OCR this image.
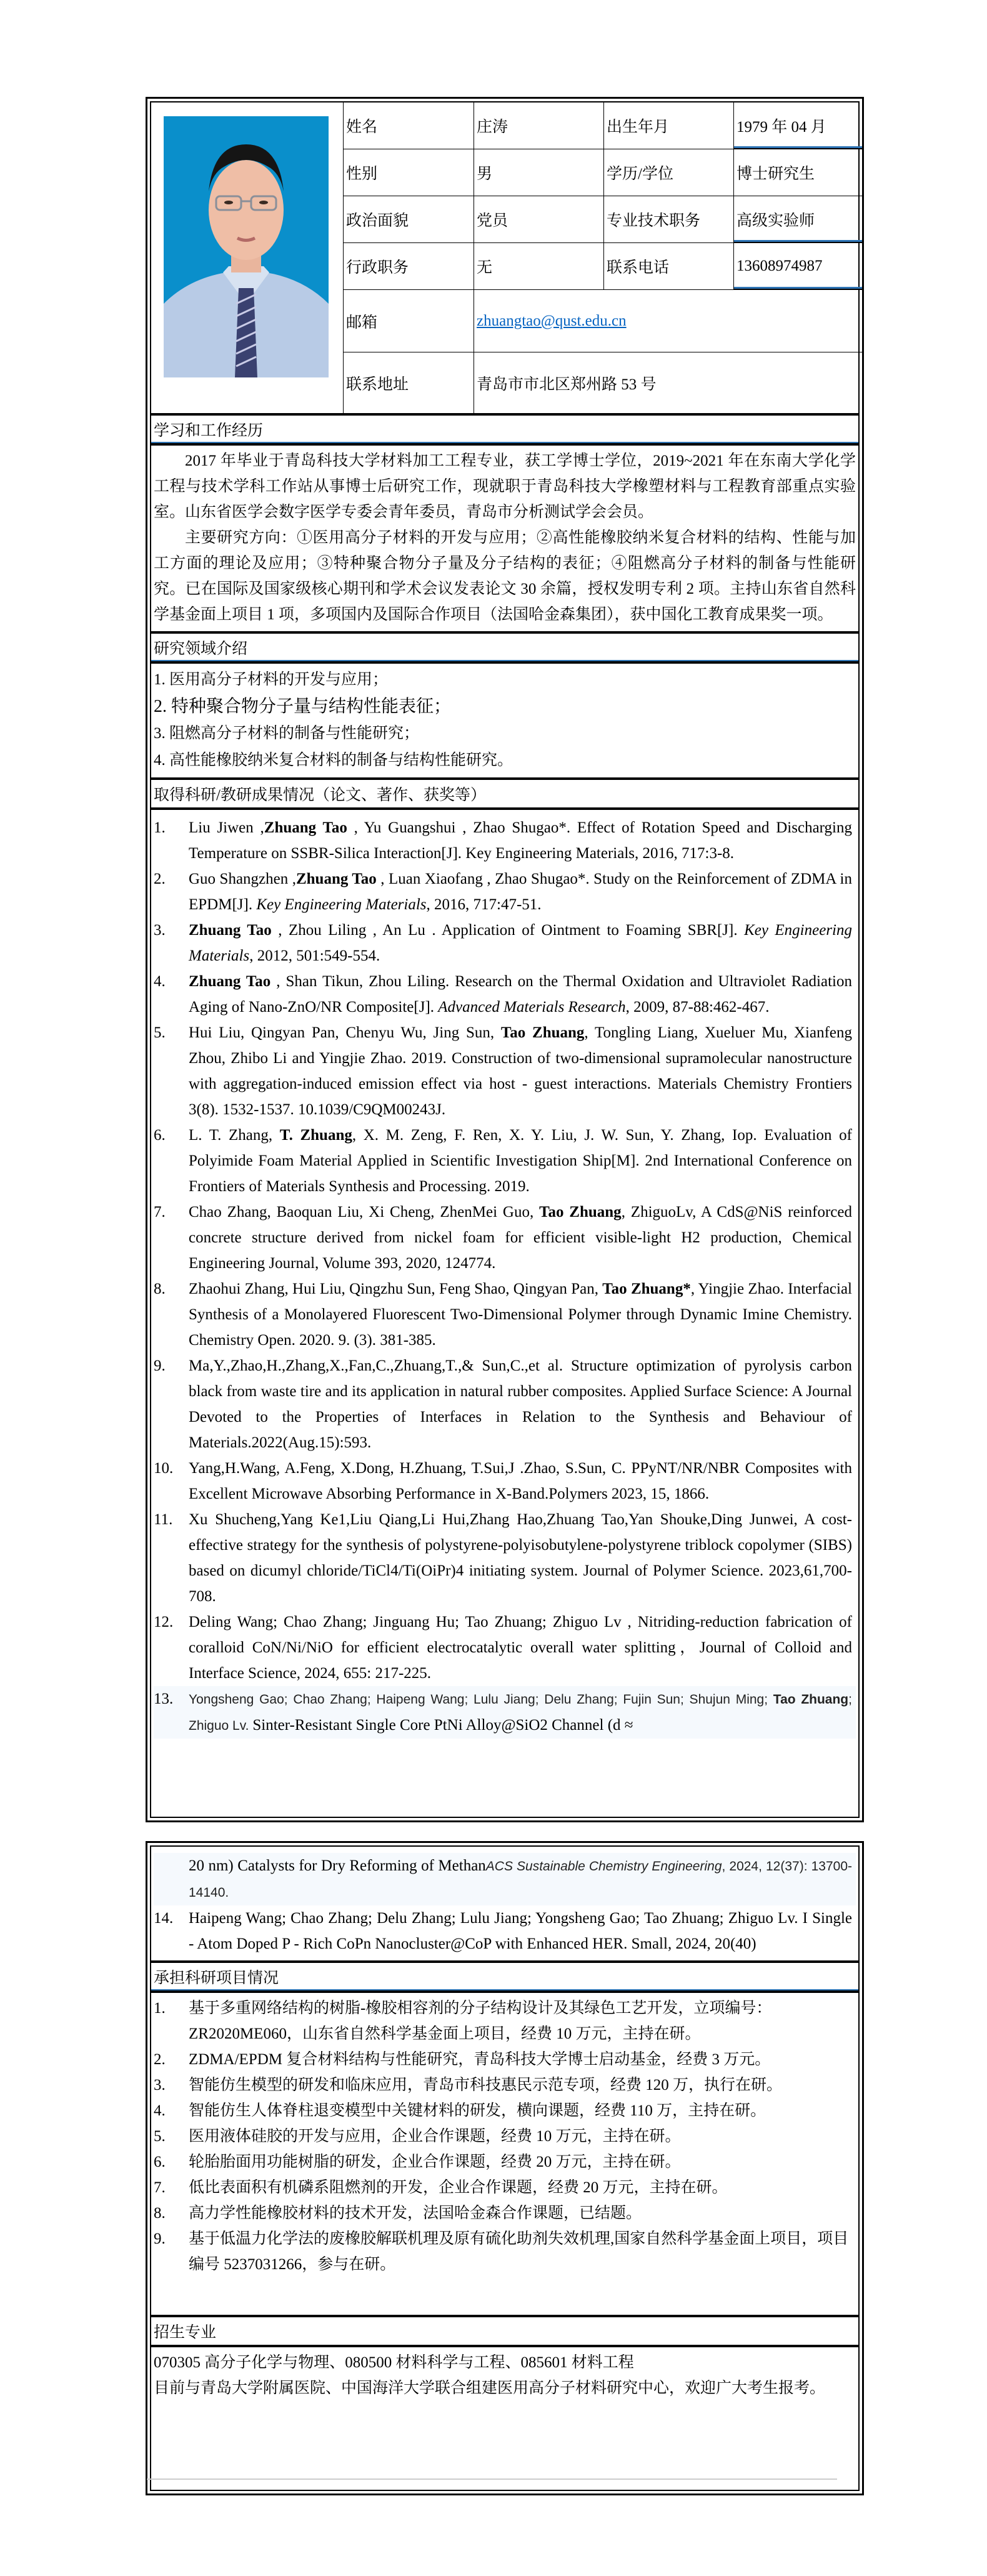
姓名	庄涛	出生年月	1979 年 04 月
性别	男	学历/学位	博士研究生
政治面貌	党员	专业技术职务	高级实验师
行政职务	无	联系电话	13608974987
邮箱	zhuangtao@qust.edu.cn
联系地址	青岛市市北区郑州路 53 号
学习和工作经历

2017 年毕业于青岛科技大学材料加工工程专业，获工学博士学位，2019~2021 年在东南大学化学工程与技术学科工作站从事博士后研究工作，现就职于青岛科技大学橡塑材料与工程教育部重点实验室。山东省医学会数字医学专委会青年委员，青岛市分析测试学会会员。

主要研究方向：①医用高分子材料的开发与应用；②高性能橡胶纳米复合材料的结构、性能与加工方面的理论及应用；③特种聚合物分子量及分子结构的表征；④阻燃高分子材料的制备与性能研究。已在国际及国家级核心期刊和学术会议发表论文 30 余篇，授权发明专利 2 项。主持山东省自然科学基金面上项目 1 项，多项国内及国际合作项目（法国哈金森集团），获中国化工教育成果奖一项。

研究领域介绍
1. 医用高分子材料的开发与应用；
2. 特种聚合物分子量与结构性能表征；
3. 阻燃高分子材料的制备与性能研究；
4. 高性能橡胶纳米复合材料的制备与结构性能研究。
取得科研/教研成果情况（论文、著作、获奖等）
1.	Liu Jiwen ,Zhuang Tao , Yu Guangshui , Zhao Shugao*. Effect of Rotation Speed and Discharging Temperature on SSBR-Silica Interaction[J]. Key Engineering Materials, 2016, 717:3-8.
2.	Guo Shangzhen ,Zhuang Tao , Luan Xiaofang , Zhao Shugao*. Study on the Reinforcement of ZDMA in EPDM[J]. Key Engineering Materials, 2016, 717:47-51.
3.	Zhuang Tao , Zhou Liling , An Lu . Application of Ointment to Foaming SBR[J]. Key Engineering Materials, 2012, 501:549-554.
4.	Zhuang Tao , Shan Tikun, Zhou Liling. Research on the Thermal Oxidation and Ultraviolet Radiation Aging of Nano-ZnO/NR Composite[J]. Advanced Materials Research, 2009, 87-88:462-467.
5.	Hui Liu, Qingyan Pan, Chenyu Wu, Jing Sun, Tao Zhuang, Tongling Liang, Xueluer Mu, Xianfeng Zhou, Zhibo Li and Yingjie Zhao. 2019. Construction of two-dimensional supramolecular nanostructure with aggregation-induced emission effect via host - guest interactions. Materials Chemistry Frontiers 3(8). 1532-1537. 10.1039/C9QM00243J.
6.	L. T. Zhang, T. Zhuang, X. M. Zeng, F. Ren, X. Y. Liu, J. W. Sun, Y. Zhang, Iop. Evaluation of Polyimide Foam Material Applied in Scientific Investigation Ship[M]. 2nd International Conference on Frontiers of Materials Synthesis and Processing. 2019.
7.	Chao Zhang, Baoquan Liu, Xi Cheng, ZhenMei Guo, Tao Zhuang, ZhiguoLv, A CdS@NiS reinforced concrete structure derived from nickel foam for efficient visible-light H2 production, Chemical Engineering Journal, Volume 393, 2020, 124774.
8.	Zhaohui Zhang, Hui Liu, Qingzhu Sun, Feng Shao, Qingyan Pan, Tao Zhuang*, Yingjie Zhao. Interfacial Synthesis of a Monolayered Fluorescent Two-Dimensional Polymer through Dynamic Imine Chemistry. Chemistry Open. 2020. 9. (3). 381-385.
9.	Ma,Y.,Zhao,H.,Zhang,X.,Fan,C.,Zhuang,T.,& Sun,C.,et al. Structure optimization of pyrolysis carbon black from waste tire and its application in natural rubber composites. Applied Surface Science: A Journal Devoted to the Properties of Interfaces in Relation to the Synthesis and Behaviour of Materials.2022(Aug.15):593.
10. Yang,H.Wang, A.Feng, X.Dong, H.Zhuang, T.Sui,J .Zhao, S.Sun, C. PPyNT/NR/NBR Composites with Excellent Microwave Absorbing Performance in X-Band.Polymers 2023, 15, 1866.
11.	Xu Shucheng,Yang Ke1,Liu Qiang,Li Hui,Zhang Hao,Zhuang Tao,Yan Shouke,Ding Junwei, A cost-effective strategy for the synthesis of polystyrene-polyisobutylene-polystyrene triblock copolymer (SIBS) based on dicumyl chloride/TiCl4/Ti(OiPr)4 initiating system. Journal of Polymer Science. 2023,61,700-708.
12. Deling Wang; Chao Zhang; Jinguang Hu; Tao Zhuang; Zhiguo Lv , Nitriding-reduction fabrication of coralloid CoN/Ni/NiO for efficient electrocatalytic overall water splitting，Journal of Colloid and Interface Science, 2024, 655: 217-225.
13.	Yongsheng Gao; Chao Zhang; Haipeng Wang; Lulu Jiang; Delu Zhang; Fujin Sun; Shujun Ming; Tao Zhuang; Zhiguo Lv. Sinter-Resistant Single Core PtNi Alloy@SiO2 Channel (d ≈
20 nm) Catalysts for Dry Reforming of MethanACS Sustainable Chemistry Engineering, 2024, 12(37): 13700-14140.
14. Haipeng Wang; Chao Zhang; Delu Zhang; Lulu Jiang; Yongsheng Gao; Tao Zhuang; Zhiguo Lv. I Single - Atom Doped P - Rich CoPn Nanocluster@CoP with Enhanced HER. Small, 2024, 20(40)
承担科研项目情况
1.	基于多重网络结构的树脂-橡胶相容剂的分子结构设计及其绿色工艺开发，立项编号：ZR2020ME060，山东省自然科学基金面上项目，经费 10 万元，主持在研。
2.	ZDMA/EPDM 复合材料结构与性能研究，青岛科技大学博士启动基金，经费 3 万元。
3.	智能仿生模型的研发和临床应用，青岛市科技惠民示范专项，经费 120 万，执行在研。
4.	智能仿生人体脊柱退变模型中关键材料的研发，横向课题，经费 110 万，主持在研。
5.	医用液体硅胶的开发与应用，企业合作课题，经费 10 万元，主持在研。
6.	轮胎胎面用功能树脂的研发，企业合作课题，经费 20 万元，主持在研。
7.	低比表面积有机磷系阻燃剂的开发，企业合作课题，经费 20 万元，主持在研。
8.	高力学性能橡胶材料的技术开发，法国哈金森合作课题，已结题。
9.	基于低温力化学法的废橡胶解联机理及原有硫化助剂失效机理,国家自然科学基金面上项目，项目编号 5237031266，参与在研。
招生专业

070305 高分子化学与物理、080500 材料科学与工程、085601 材料工程

目前与青岛大学附属医院、中国海洋大学联合组建医用高分子材料研究中心，欢迎广大考生报考。
